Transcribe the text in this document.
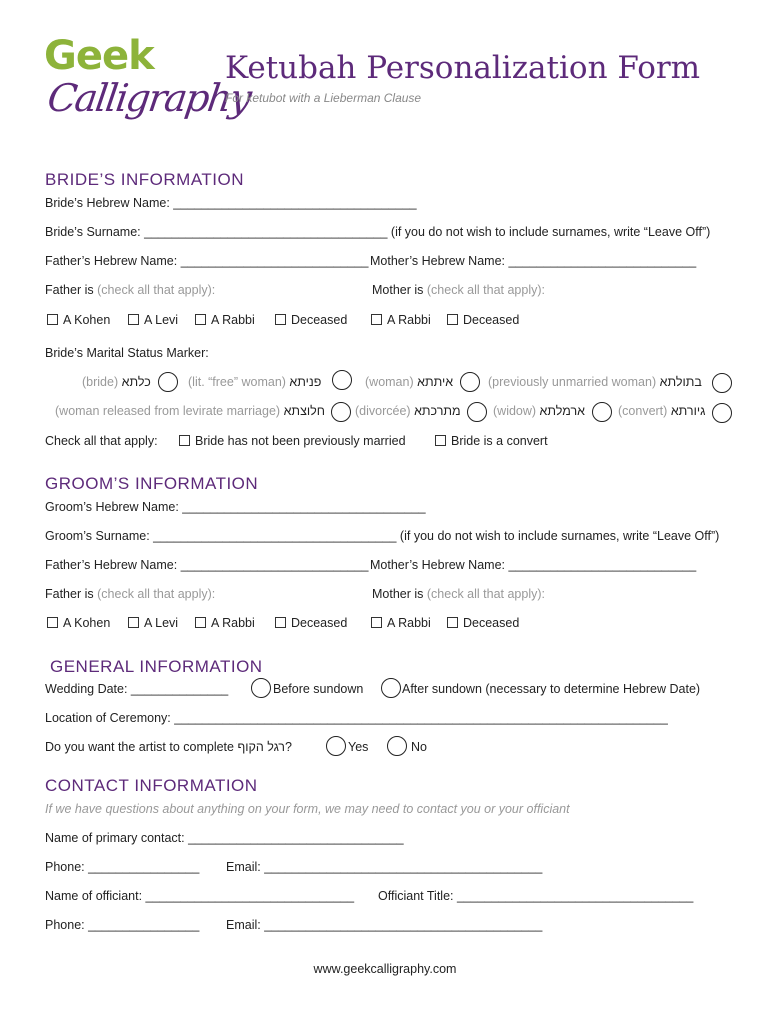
Geek
Calligraphy
Ketubah Personalization Form
For ketubot with a Lieberman Clause
BRIDE’S INFORMATION
Bride’s Hebrew Name: ___________________________________
Bride’s Surname: ___________________________________ (if you do not wish to include surnames, write “Leave Off”)
Father’s Hebrew Name: ___________________________ Mother’s Hebrew Name: ___________________________
Father is (check all that apply):	Mother is (check all that apply):
A Kohen	A Levi	A Rabbi	Deceased	A Rabbi	Deceased
Bride’s Marital Status Marker:
(bride) כלתא	(lit. “free” woman) פניתא	(woman) איתתא	(previously unmarried woman) בתולתא
(woman released from levirate marriage) חלוצתא (divorcée) מתרכתא	(widow) ארמלתא	(convert) גיורתא
Check all that apply:	Bride has not been previously married	Bride is a convert
GROOM’S INFORMATION
Groom’s Hebrew Name: ___________________________________
Groom’s Surname: ___________________________________ (if you do not wish to include surnames, write “Leave Off”)
Father’s Hebrew Name: ___________________________ Mother’s Hebrew Name: ___________________________
Father is (check all that apply):	Mother is (check all that apply):
A Kohen	A Levi	A Rabbi	Deceased	A Rabbi	Deceased
GENERAL INFORMATION
Wedding Date: ______________	Before sundown	After sundown (necessary to determine Hebrew Date)
Location of Ceremony: _______________________________________________________________________
Do you want the artist to complete רגל הקוף?	Yes	No
CONTACT INFORMATION
If we have questions about anything on your form, we may need to contact you or your officiant
Name of primary contact: _______________________________
Phone: ________________ Email: ________________________________________
Name of officiant: ______________________________ Officiant Title: __________________________________
Phone: ________________ Email: ________________________________________
www.geekcalligraphy.com
